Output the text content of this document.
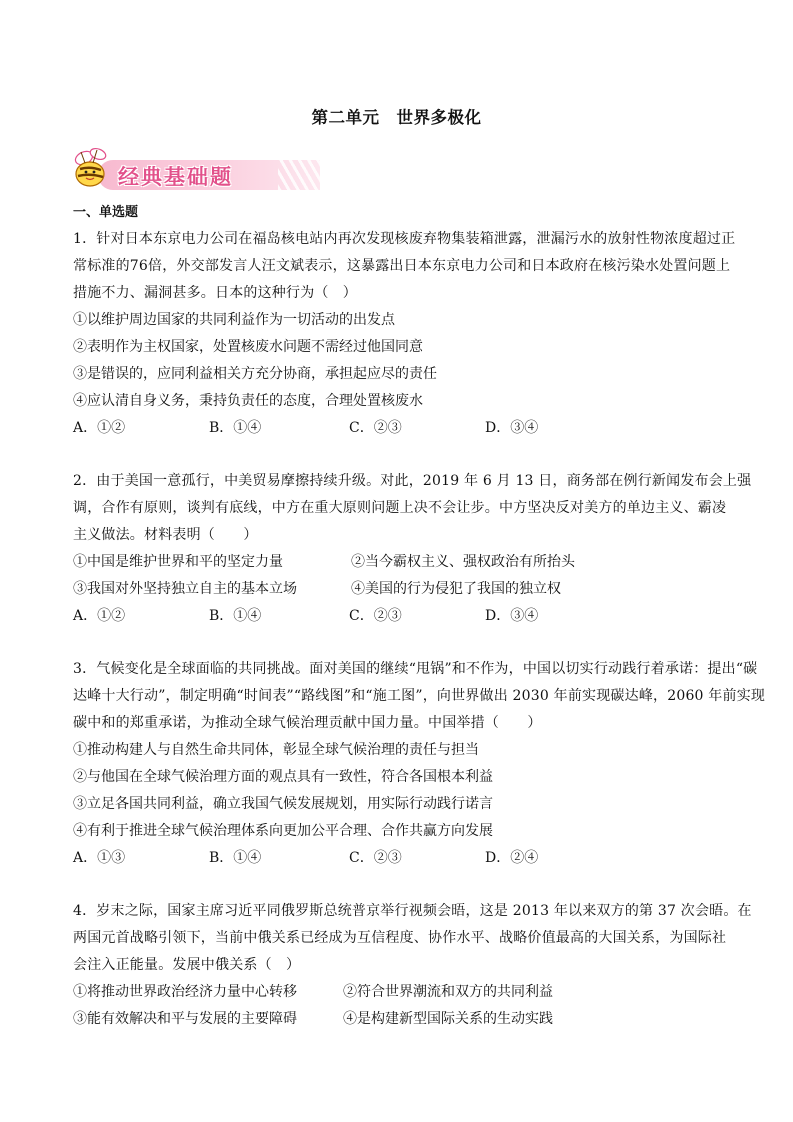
第二单元　世界多极化
经典基础题
一、单选题
1．针对日本东京电力公司在福岛核电站内再次发现核废弃物集装箱泄露，泄漏污水的放射性物浓度超过正
常标准的76倍，外交部发言人汪文斌表示，这暴露出日本东京电力公司和日本政府在核污染水处置问题上
措施不力、漏洞甚多。日本的这种行为（　）
①以维护周边国家的共同利益作为一切活动的出发点
②表明作为主权国家，处置核废水问题不需经过他国同意
③是错误的，应同利益相关方充分协商，承担起应尽的责任
④应认清自身义务，秉持负责任的态度，合理处置核废水
A．①②	B．①④	C．②③	D．③④
2．由于美国一意孤行，中美贸易摩擦持续升级。对此，2019 年 6 月 13 日，商务部在例行新闻发布会上强
调，合作有原则，谈判有底线，中方在重大原则问题上决不会让步。中方坚决反对美方的单边主义、霸凌
主义做法。材料表明（　　）
①中国是维护世界和平的坚定力量	②当今霸权主义、强权政治有所抬头
③我国对外坚持独立自主的基本立场	④美国的行为侵犯了我国的独立权
A．①②	B．①④	C．②③	D．③④
3．气候变化是全球面临的共同挑战。面对美国的继续“甩锅”和不作为，中国以切实行动践行着承诺：提出“碳
达峰十大行动”，制定明确“时间表”“路线图”和“施工图”，向世界做出 2030 年前实现碳达峰，2060 年前实现
碳中和的郑重承诺，为推动全球气候治理贡献中国力量。中国举措（　　）
①推动构建人与自然生命共同体，彰显全球气候治理的责任与担当
②与他国在全球气候治理方面的观点具有一致性，符合各国根本利益
③立足各国共同利益，确立我国气候发展规划，用实际行动践行诺言
④有利于推进全球气候治理体系向更加公平合理、合作共赢方向发展
A．①③	B．①④	C．②③	D．②④
4．岁末之际，国家主席习近平同俄罗斯总统普京举行视频会晤，这是 2013 年以来双方的第 37 次会晤。在
两国元首战略引领下，当前中俄关系已经成为互信程度、协作水平、战略价值最高的大国关系，为国际社
会注入正能量。发展中俄关系（　）
①将推动世界政治经济力量中心转移	②符合世界潮流和双方的共同利益
③能有效解决和平与发展的主要障碍	④是构建新型国际关系的生动实践
